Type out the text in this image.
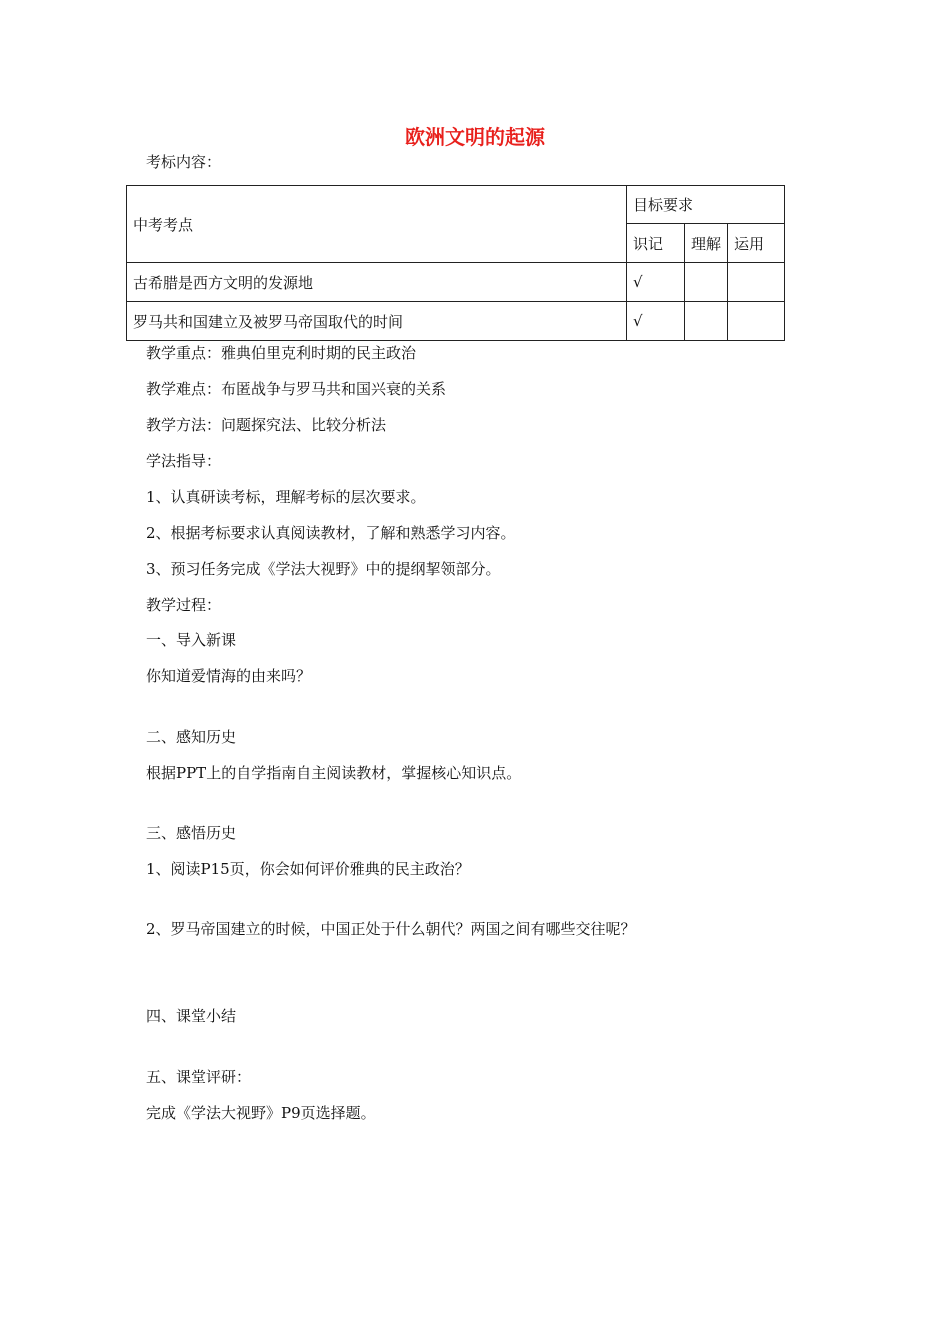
欧洲文明的起源
考标内容：
中考考点	目标要求		
	识记	理解	运用
古希腊是西方文明的发源地	√		
罗马共和国建立及被罗马帝国取代的时间	√		
教学重点：雅典伯里克利时期的民主政治
教学难点：布匿战争与罗马共和国兴衰的关系
教学方法：问题探究法、比较分析法
学法指导：
1、认真研读考标，理解考标的层次要求。
2、根据考标要求认真阅读教材，了解和熟悉学习内容。
3、预习任务完成《学法大视野》中的提纲挈领部分。
教学过程：
一、导入新课
你知道爱情海的由来吗？
二、感知历史
根据PPT上的自学指南自主阅读教材，掌握核心知识点。
三、感悟历史
1、阅读P15页，你会如何评价雅典的民主政治？
2、罗马帝国建立的时候，中国正处于什么朝代？两国之间有哪些交往呢？
四、课堂小结
五、课堂评研：
完成《学法大视野》P9页选择题。
